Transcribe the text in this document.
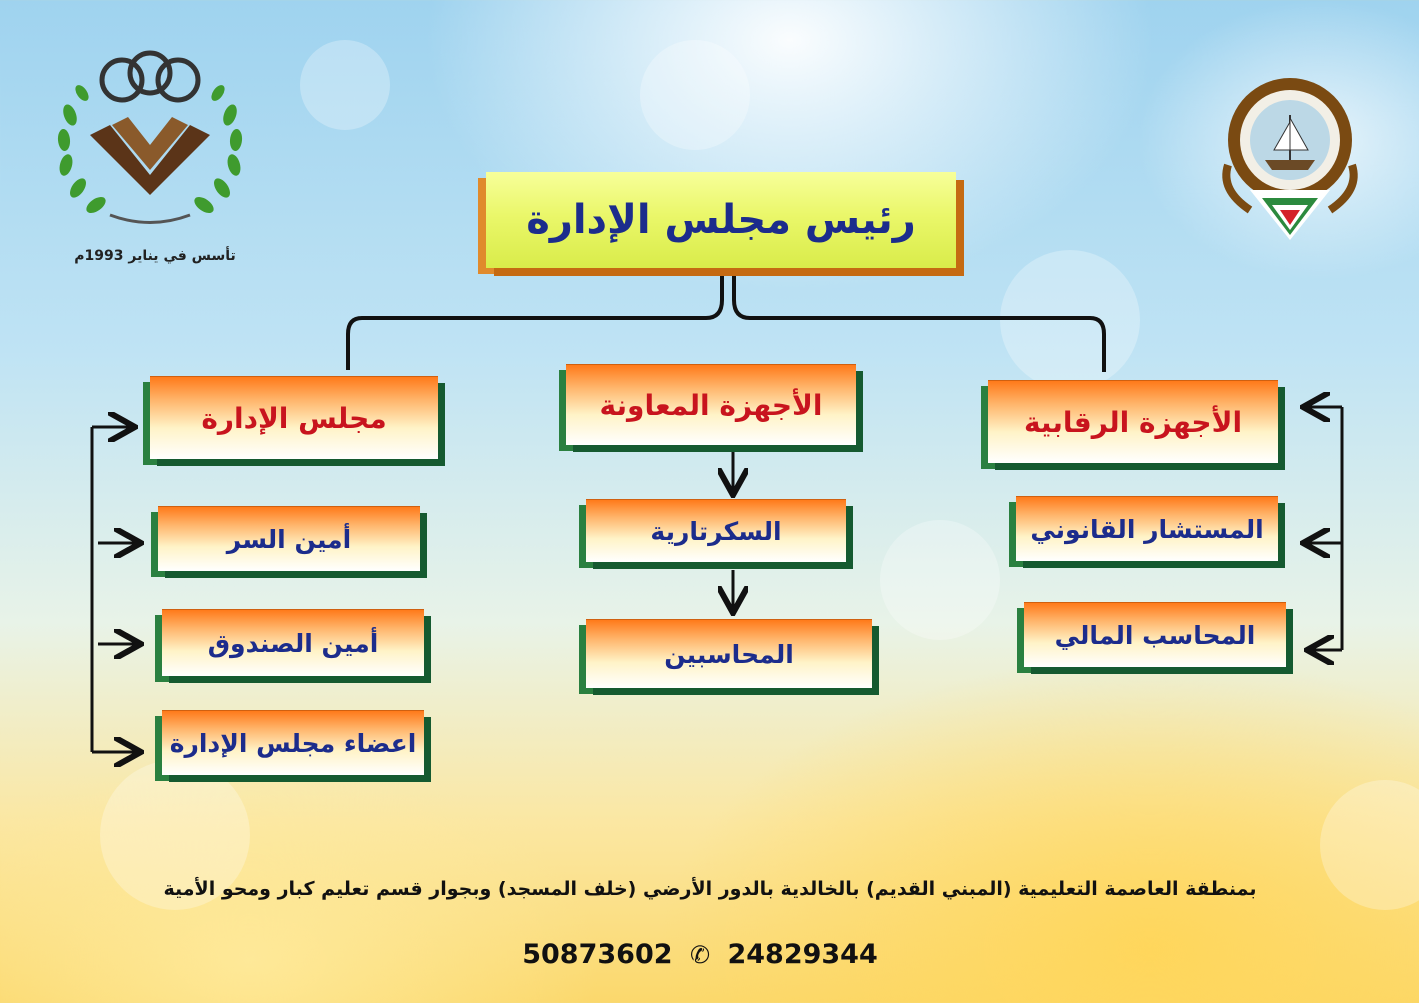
تأسس في يناير 1993م
رئيس مجلس الإدارة
مجلس الإدارة
أمين السر
أمين الصندوق
اعضاء مجلس الإدارة
الأجهزة المعاونة
السكرتارية
المحاسبين
الأجهزة الرقابية
المستشار القانوني
المحاسب المالي
بمنطقة العاصمة التعليمية (المبني القديم) بالخالدية بالدور الأرضي (خلف المسجد) وبجوار قسم تعليم كبار ومحو الأمية
50873602 ✆ 24829344
